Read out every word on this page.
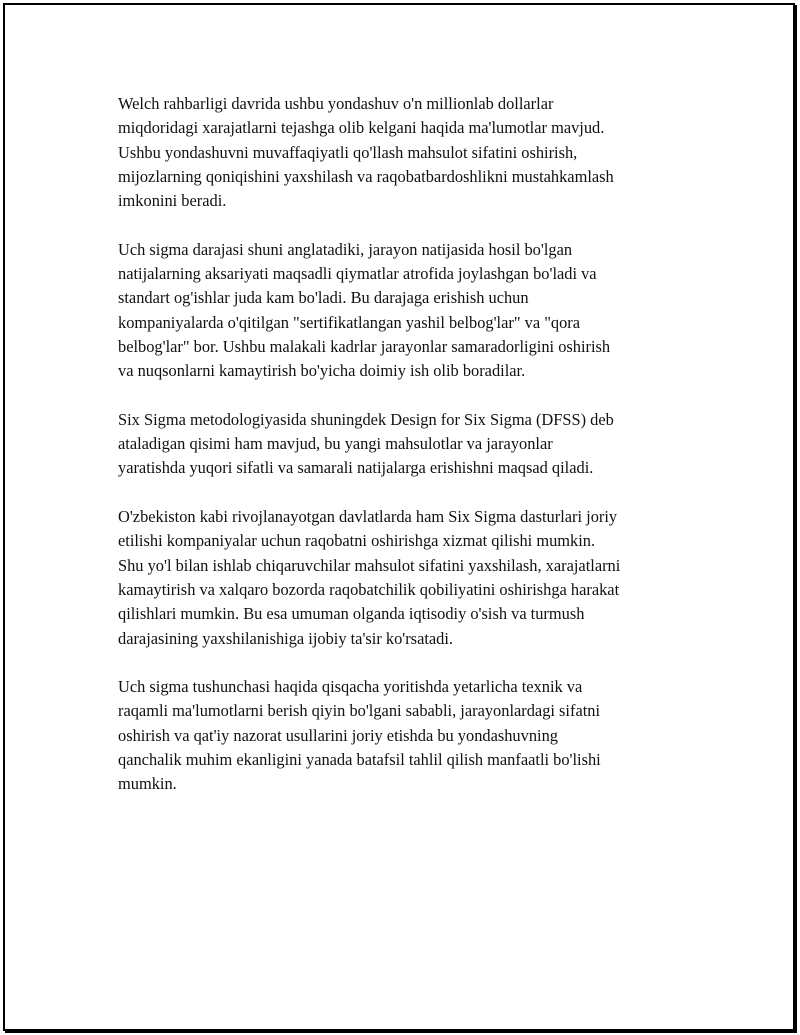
Welch rahbarligi davrida ushbu yondashuv o'n millionlab dollarlar
miqdoridagi xarajatlarni tejashga olib kelgani haqida ma'lumotlar mavjud.
Ushbu yondashuvni muvaffaqiyatli qo'llash mahsulot sifatini oshirish,
mijozlarning qoniqishini yaxshilash va raqobatbardoshlikni mustahkamlash
imkonini beradi.

Uch sigma darajasi shuni anglatadiki, jarayon natijasida hosil bo'lgan
natijalarning aksariyati maqsadli qiymatlar atrofida joylashgan bo'ladi va
standart og'ishlar juda kam bo'ladi. Bu darajaga erishish uchun
kompaniyalarda o'qitilgan "sertifikatlangan yashil belbog'lar" va "qora
belbog'lar" bor. Ushbu malakali kadrlar jarayonlar samaradorligini oshirish
va nuqsonlarni kamaytirish bo'yicha doimiy ish olib boradilar.

Six Sigma metodologiyasida shuningdek Design for Six Sigma (DFSS) deb
ataladigan qisimi ham mavjud, bu yangi mahsulotlar va jarayonlar
yaratishda yuqori sifatli va samarali natijalarga erishishni maqsad qiladi.

O'zbekiston kabi rivojlanayotgan davlatlarda ham Six Sigma dasturlari joriy
etilishi kompaniyalar uchun raqobatni oshirishga xizmat qilishi mumkin.
Shu yo'l bilan ishlab chiqaruvchilar mahsulot sifatini yaxshilash, xarajatlarni
kamaytirish va xalqaro bozorda raqobatchilik qobiliyatini oshirishga harakat
qilishlari mumkin. Bu esa umuman olganda iqtisodiy o'sish va turmush
darajasining yaxshilanishiga ijobiy ta'sir ko'rsatadi.

Uch sigma tushunchasi haqida qisqacha yoritishda yetarlicha texnik va
raqamli ma'lumotlarni berish qiyin bo'lgani sababli, jarayonlardagi sifatni
oshirish va qat'iy nazorat usullarini joriy etishda bu yondashuvning
qanchalik muhim ekanligini yanada batafsil tahlil qilish manfaatli bo'lishi
mumkin.
